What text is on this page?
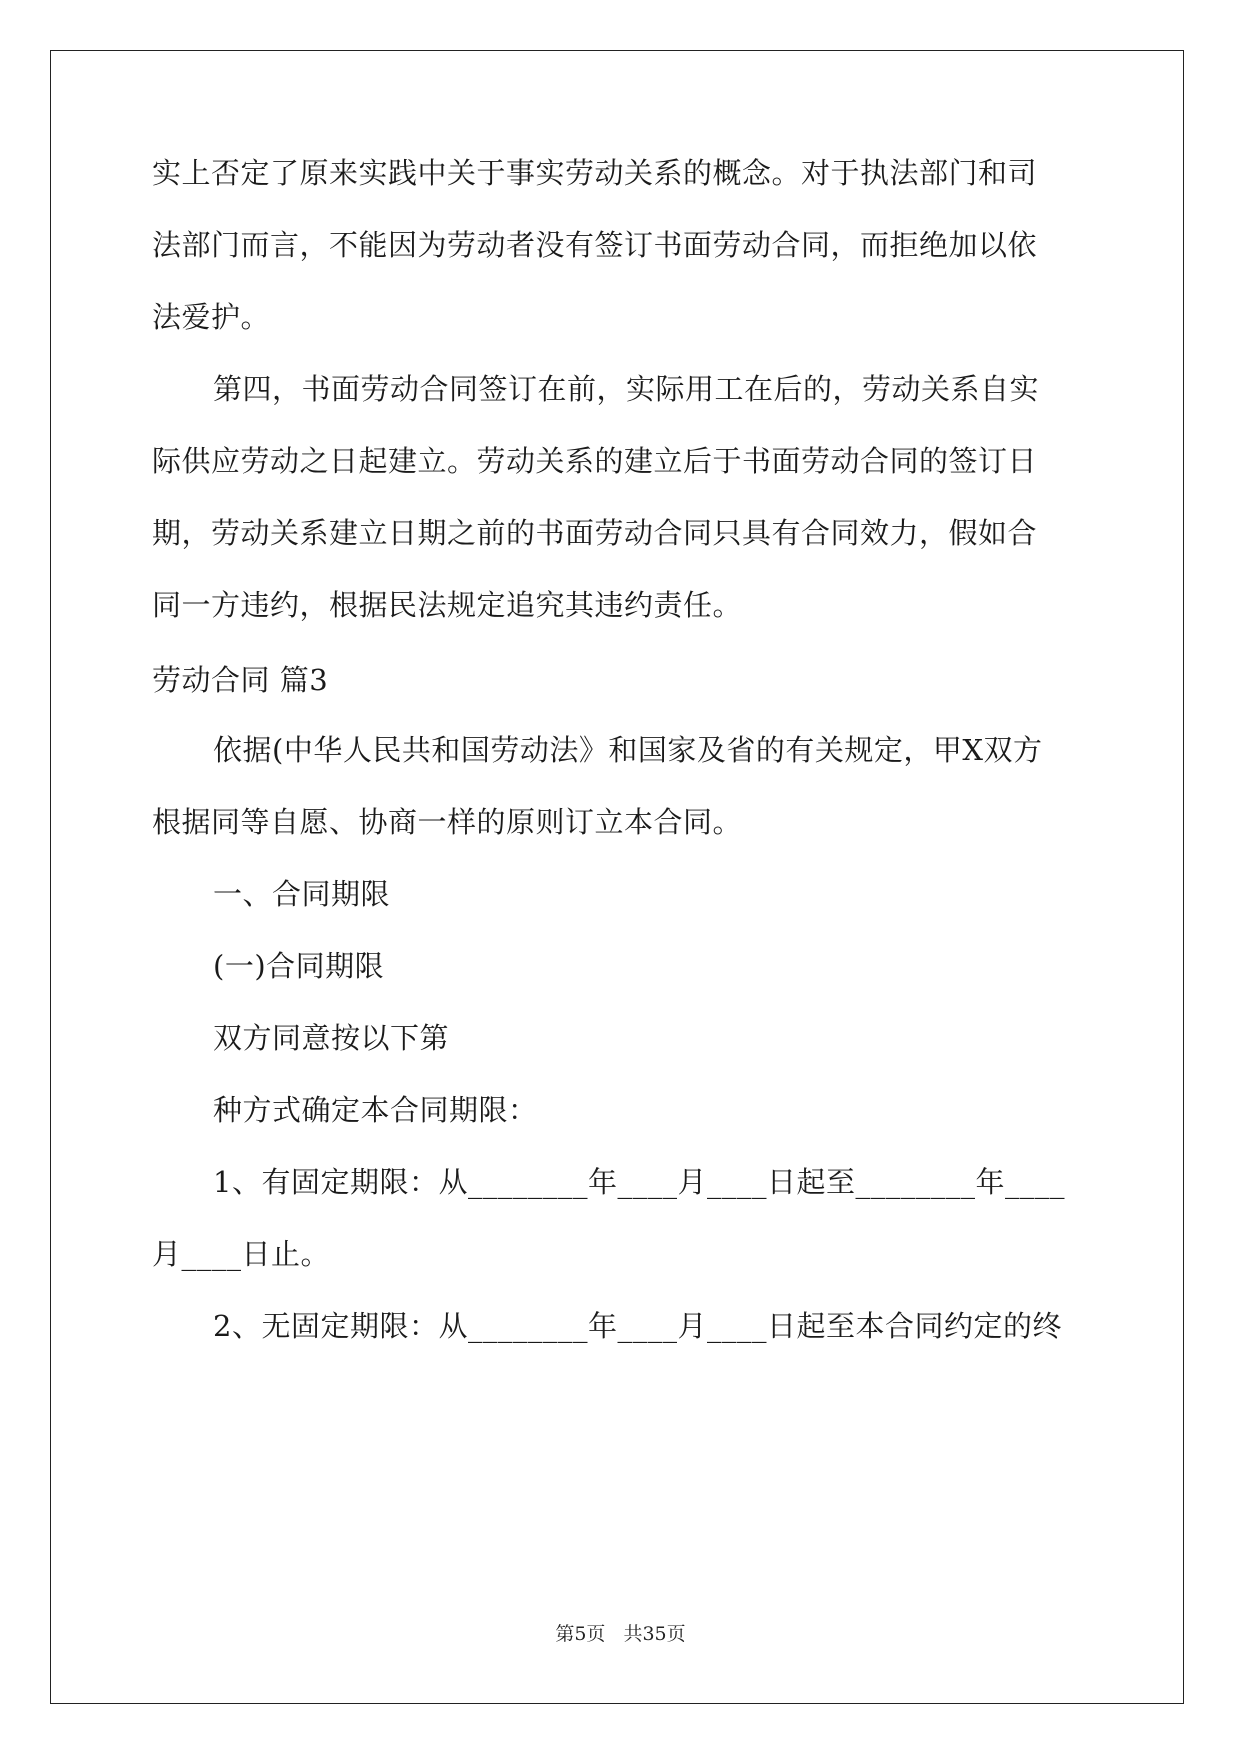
实上否定了原来实践中关于事实劳动关系的概念。对于执法部门和司

法部门而言，不能因为劳动者没有签订书面劳动合同，而拒绝加以依

法爱护。

第四，书面劳动合同签订在前，实际用工在后的，劳动关系自实

际供应劳动之日起建立。劳动关系的建立后于书面劳动合同的签订日

期，劳动关系建立日期之前的书面劳动合同只具有合同效力，假如合

同一方违约，根据民法规定追究其违约责任。

劳动合同 篇3

依据(中华人民共和国劳动法》和国家及省的有关规定，甲X双方

根据同等自愿、协商一样的原则订立本合同。

一、合同期限

(一)合同期限

双方同意按以下第

种方式确定本合同期限：

1、有固定期限：从________年____月____日起至________年____

月____日止。

2、无固定期限：从________年____月____日起至本合同约定的终

第5页 共35页
